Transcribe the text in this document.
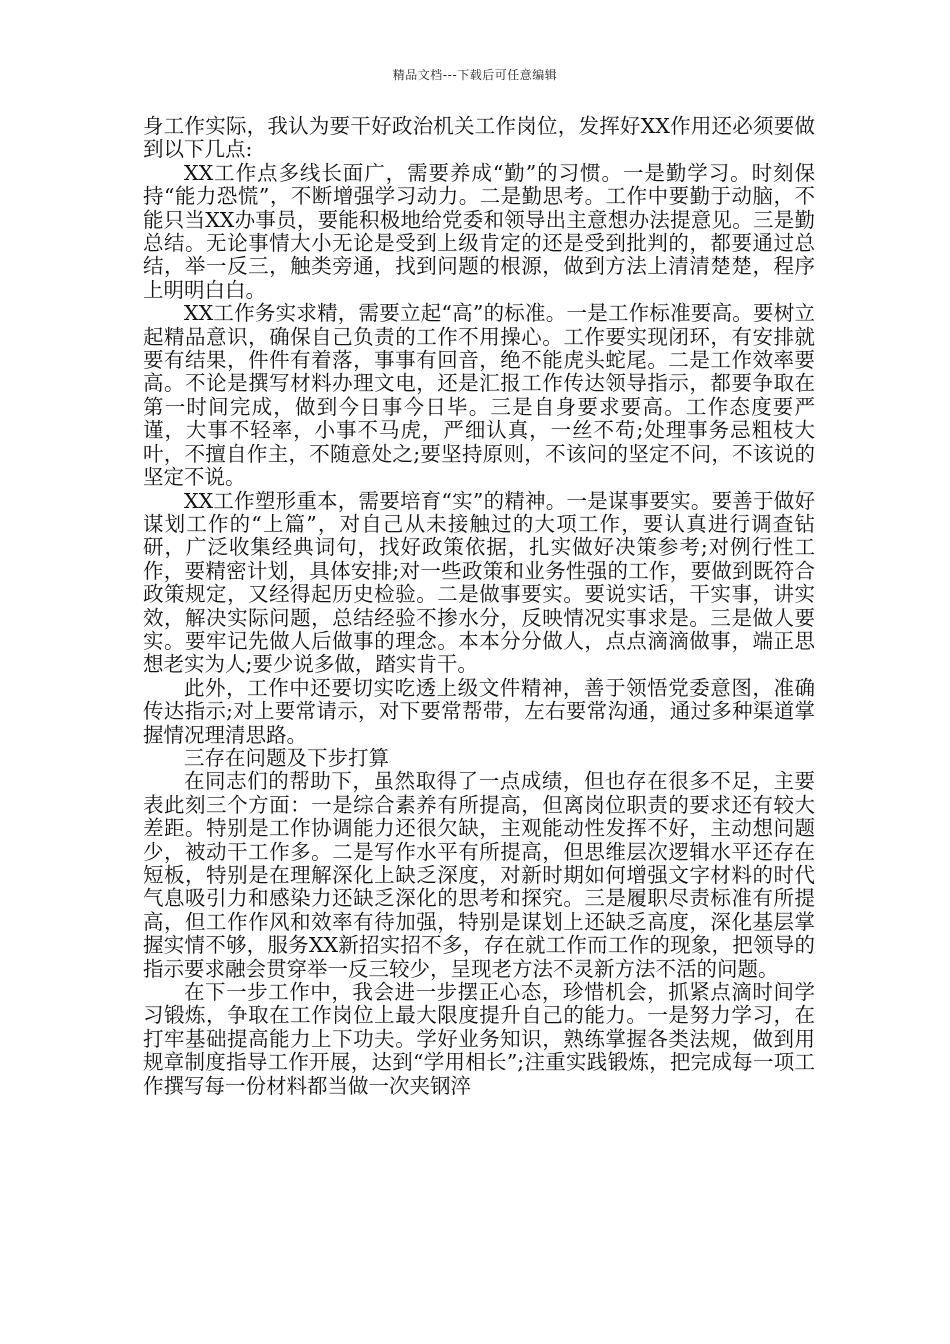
精品文档---下载后可任意编辑

身工作实际，我认为要干好政治机关工作岗位，发挥好XX作用还必须要做到以下几点:

XX工作点多线长面广，需要养成“勤”的习惯。一是勤学习。时刻保持“能力恐慌”，不断增强学习动力。二是勤思考。工作中要勤于动脑，不能只当XX办事员，要能积极地给党委和领导出主意想办法提意见。三是勤总结。无论事情大小无论是受到上级肯定的还是受到批判的，都要通过总结，举一反三，触类旁通，找到问题的根源，做到方法上清清楚楚，程序上明明白白。

XX工作务实求精，需要立起“高”的标准。一是工作标准要高。要树立起精品意识，确保自己负责的工作不用操心。工作要实现闭环，有安排就要有结果，件件有着落，事事有回音，绝不能虎头蛇尾。二是工作效率要高。不论是撰写材料办理文电，还是汇报工作传达领导指示，都要争取在第一时间完成，做到今日事今日毕。三是自身要求要高。工作态度要严谨，大事不轻率，小事不马虎，严细认真，一丝不苟;处理事务忌粗枝大叶，不擅自作主，不随意处之;要坚持原则，不该问的坚定不问，不该说的坚定不说。

XX工作塑形重本，需要培育“实”的精神。一是谋事要实。要善于做好谋划工作的“上篇”，对自己从未接触过的大项工作，要认真进行调查钻研，广泛收集经典词句，找好政策依据，扎实做好决策参考;对例行性工作，要精密计划，具体安排;对一些政策和业务性强的工作，要做到既符合政策规定，又经得起历史检验。二是做事要实。要说实话，干实事，讲实效，解决实际问题，总结经验不掺水分，反映情况实事求是。三是做人要实。要牢记先做人后做事的理念。本本分分做人，点点滴滴做事，端正思想老实为人;要少说多做，踏实肯干。

此外，工作中还要切实吃透上级文件精神，善于领悟党委意图，准确传达指示;对上要常请示，对下要常帮带，左右要常沟通，通过多种渠道掌握情况理清思路。

三存在问题及下步打算

在同志们的帮助下，虽然取得了一点成绩，但也存在很多不足，主要表此刻三个方面：一是综合素养有所提高，但离岗位职责的要求还有较大差距。特别是工作协调能力还很欠缺，主观能动性发挥不好，主动想问题少，被动干工作多。二是写作水平有所提高，但思维层次逻辑水平还存在短板，特别是在理解深化上缺乏深度，对新时期如何增强文字材料的时代气息吸引力和感染力还缺乏深化的思考和探究。三是履职尽责标准有所提高，但工作作风和效率有待加强，特别是谋划上还缺乏高度，深化基层掌握实情不够，服务XX新招实招不多，存在就工作而工作的现象，把领导的指示要求融会贯穿举一反三较少，呈现老方法不灵新方法不活的问题。

在下一步工作中，我会进一步摆正心态，珍惜机会，抓紧点滴时间学习锻炼，争取在工作岗位上最大限度提升自己的能力。一是努力学习，在打牢基础提高能力上下功夫。学好业务知识，熟练掌握各类法规，做到用规章制度指导工作开展，达到“学用相长”;注重实践锻炼，把完成每一项工作撰写每一份材料都当做一次夹钢淬
